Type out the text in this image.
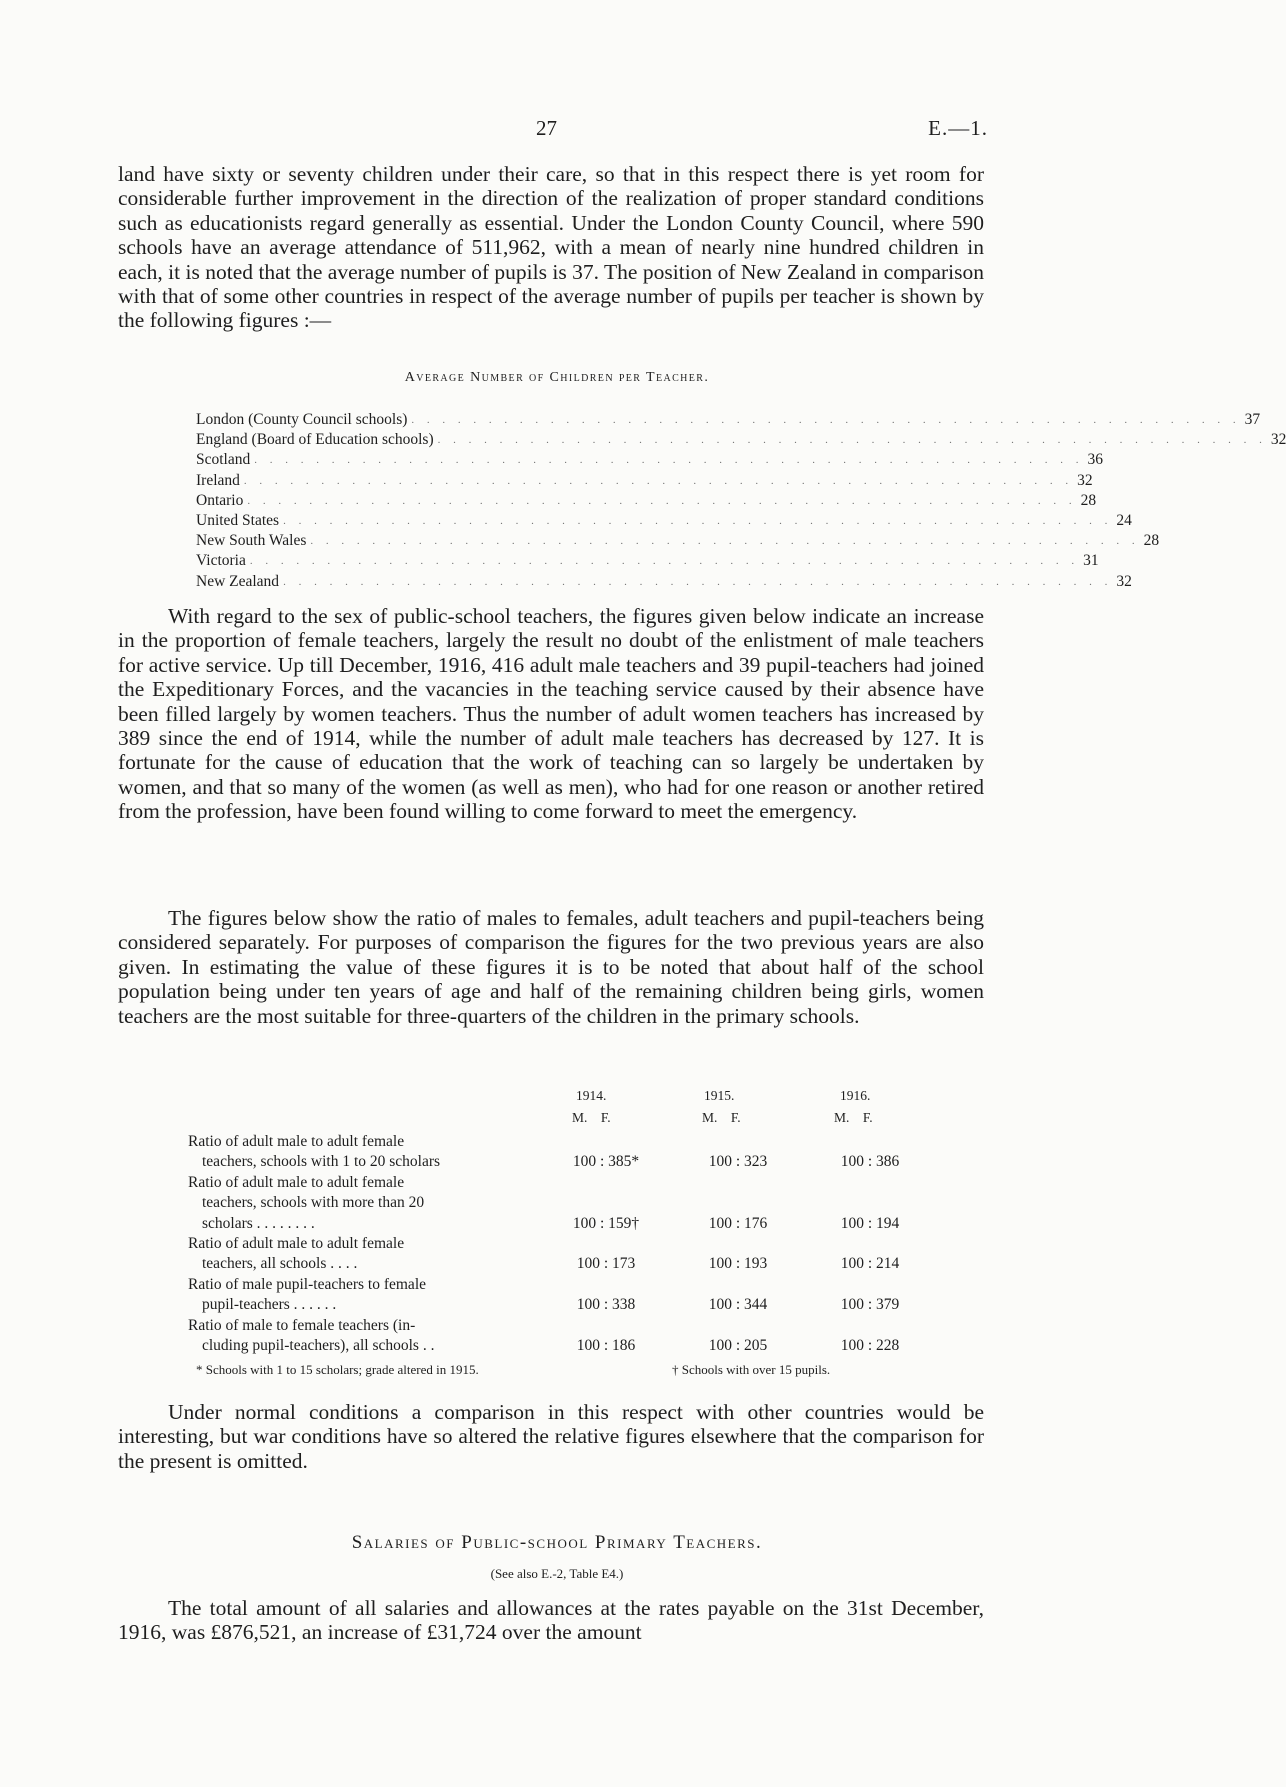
27	E.—1.

land have sixty or seventy children under their care, so that in this respect there is yet room for considerable further improvement in the direction of the realization of proper standard conditions such as educationists regard generally as essential. Under the London County Council, where 590 schools have an average attendance of 511,962, with a mean of nearly nine hundred children in each, it is noted that the average number of pupils is 37. The position of New Zealand in comparison with that of some other countries in respect of the average number of pupils per teacher is shown by the following figures :—

Average Number of Children per Teacher.
London (County Council schools) . . . . . . . . . . . . . . . . . . . . . . . . . . . . . . . . . . . . . . . . . . . . . . . . . . . . . . 37
England (Board of Education schools) . . . . . . . . . . . . . . . . . . . . . . . . . . . . . . . . . . . . . . . . . . . . . . . . . . . . . . 32
Scotland . . . . . . . . . . . . . . . . . . . . . . . . . . . . . . . . . . . . . . . . . . . . . . . . . . . . . . 36
Ireland . . . . . . . . . . . . . . . . . . . . . . . . . . . . . . . . . . . . . . . . . . . . . . . . . . . . . . 32
Ontario . . . . . . . . . . . . . . . . . . . . . . . . . . . . . . . . . . . . . . . . . . . . . . . . . . . . . . 28
United States . . . . . . . . . . . . . . . . . . . . . . . . . . . . . . . . . . . . . . . . . . . . . . . . . . . . . . 24
New South Wales . . . . . . . . . . . . . . . . . . . . . . . . . . . . . . . . . . . . . . . . . . . . . . . . . . . . . . 28
Victoria . . . . . . . . . . . . . . . . . . . . . . . . . . . . . . . . . . . . . . . . . . . . . . . . . . . . . . 31
New Zealand . . . . . . . . . . . . . . . . . . . . . . . . . . . . . . . . . . . . . . . . . . . . . . . . . . . . . . 32

With regard to the sex of public-school teachers, the figures given below indicate an increase in the proportion of female teachers, largely the result no doubt of the enlistment of male teachers for active service. Up till December, 1916, 416 adult male teachers and 39 pupil-teachers had joined the Expeditionary Forces, and the vacancies in the teaching service caused by their absence have been filled largely by women teachers. Thus the number of adult women teachers has increased by 389 since the end of 1914, while the number of adult male teachers has decreased by 127. It is fortunate for the cause of education that the work of teaching can so largely be undertaken by women, and that so many of the women (as well as men), who had for one reason or another retired from the profession, have been found willing to come forward to meet the emergency.

The figures below show the ratio of males to females, adult teachers and pupil-teachers being considered separately. For purposes of comparison the figures for the two previous years are also given. In estimating the value of these figures it is to be noted that about half of the school population being under ten years of age and half of the remaining children being girls, women teachers are the most suitable for three-quarters of the children in the primary schools.

1914.	1915.	1916.
M.    F.	M.    F.	M.    F.
Ratio of adult male to adult female
teachers, schools with 1 to 20 scholars	100 : 385*	100 : 323	100 : 386
Ratio of adult male to adult female
teachers, schools with more than 20
scholars . . . . . . . .	100 : 159†	100 : 176	100 : 194
Ratio of adult male to adult female
teachers, all schools . . . .	100 : 173	100 : 193	100 : 214
Ratio of male pupil-teachers to female
pupil-teachers . . . . . .	100 : 338	100 : 344	100 : 379
Ratio of male to female teachers (in-
cluding pupil-teachers), all schools . .	100 : 186	100 : 205	100 : 228
* Schools with 1 to 15 scholars; grade altered in 1915.	† Schools with over 15 pupils.

Under normal conditions a comparison in this respect with other countries would be interesting, but war conditions have so altered the relative figures elsewhere that the comparison for the present is omitted.

Salaries of Public-school Primary Teachers.
(See also E.-2, Table E4.)

The total amount of all salaries and allowances at the rates payable on the 31st December, 1916, was £876,521, an increase of £31,724 over the amount
